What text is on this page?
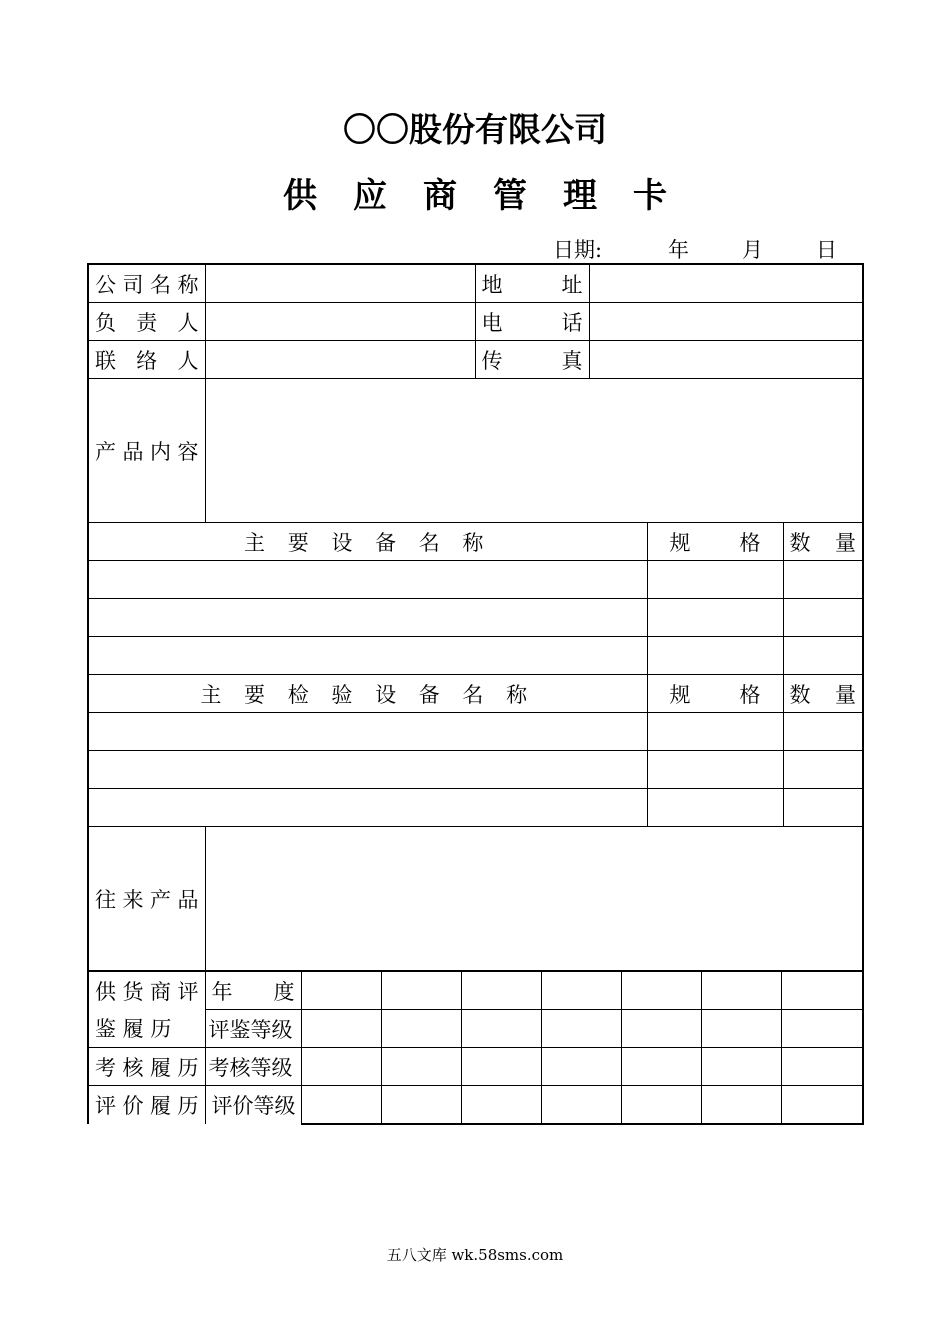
〇〇股份有限公司
供应商管理卡
日期:	年	月	日
公 司 名 称		地 址			

负 责 人		电 话			

联 络 人		传 真			

产 品 内 容					

主 要 设 备 名 称				规 格	数 量

主 要 检 验 设 备 名 称				规 格	数 量

往 来 产 品					

供 货 商 评	年 度							

鉴 履 历	评鉴等级							

考 核 履 历	考核等级							

评 价 履 历	评价等级							
五八文库 wk.58sms.com
